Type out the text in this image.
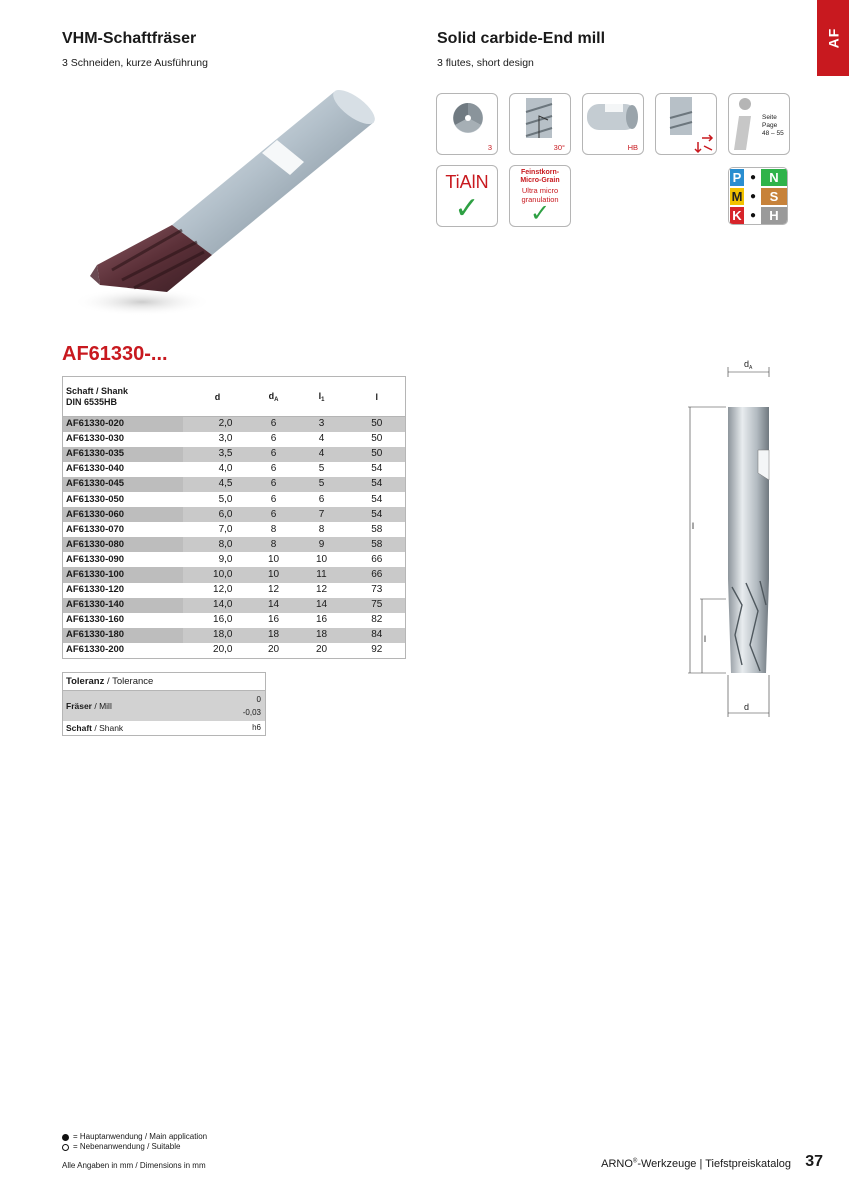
VHM-Schaftfräser
3 Schneiden, kurze Ausführung
Solid carbide-End mill
3 flutes, short design
AF
3	30°	HB
Seite Page
48 – 55
TiAlN
✓
Feinstkorn-
Micro-Grain
Ultra micro
granulation
✓
P ●	N
M ●	S
K ●	H
AF61330-...
Schaft / Shank
DIN 6535HB	d	$d_A$	$l_1$	l
AF61330-020	2,0	6	3	50
AF61330-030	3,0	6	4	50
AF61330-035	3,5	6	4	50
AF61330-040	4,0	6	5	54
AF61330-045	4,5	6	5	54
AF61330-050	5,0	6	6	54
AF61330-060	6,0	6	7	54
AF61330-070	7,0	8	8	58
AF61330-080	8,0	8	9	58
AF61330-090	9,0	10	10	66
AF61330-100	10,0	10	11	66
AF61330-120	12,0	12	12	73
AF61330-140	14,0	14	14	75
AF61330-160	16,0	16	16	82
AF61330-180	18,0	18	18	84
AF61330-200	20,0	20	20	92
Toleranz / Tolerance	
Fräser / Mill	0
-0,03

Schaft / Shank	h6
$d_A$
l
l
d
= Hauptanwendung / Main application
= Nebenanwendung / Suitable
Alle Angaben in mm / Dimensions in mm	ARNO®-Werkzeuge | Tiefstpreiskatalog 37
